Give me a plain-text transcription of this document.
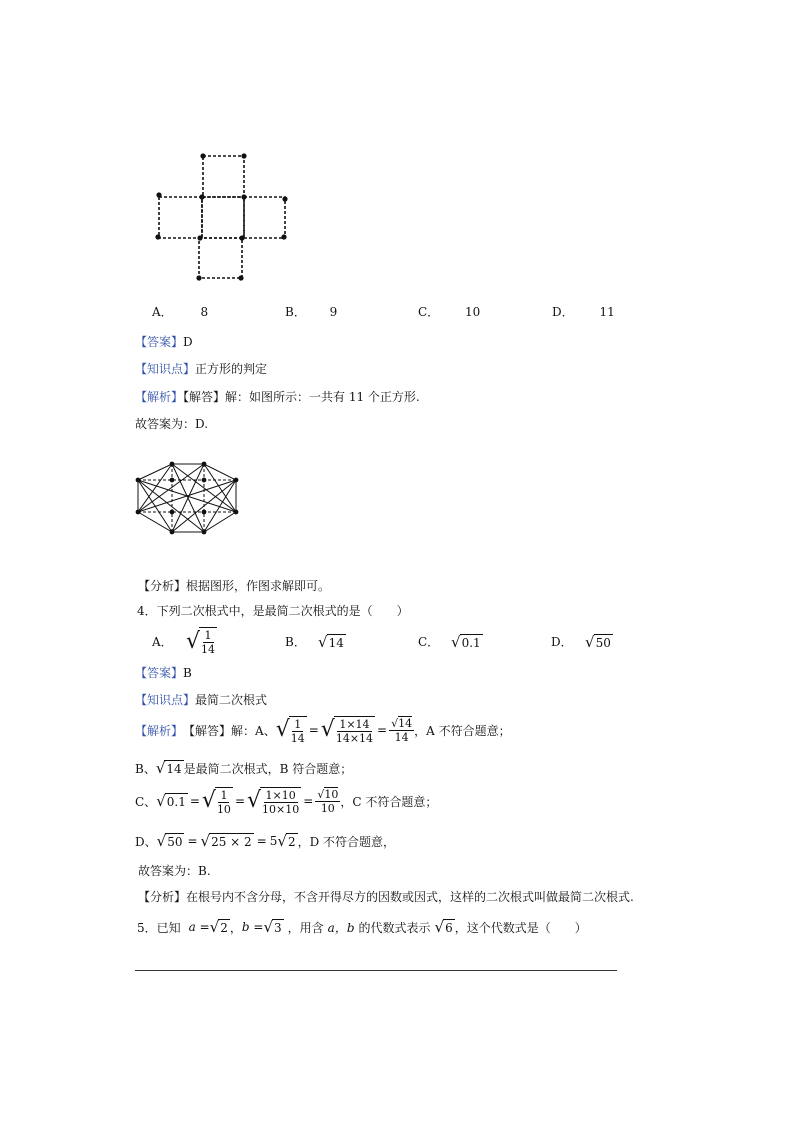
A． 8	B． 9	C． 10	D． 11
【答案】D
【知识点】正方形的判定
【解析】【解答】解：如图所示：一共有 11 个正方形.
故答案为：D.
【分析】根据图形，作图求解即可。
4．下列二次根式中，是最简二次根式的是（　　）
A． √ $\frac{1}{14}$	B． √ 14	C． √ 0.1	D． √ 50
【答案】B
【知识点】最简二次根式
【解析】 【解答】 解：A、 √ $\frac{1}{14}$ = √ $\frac{1\times 14}{14\times 14} = \frac{√14}{14}$ ，A 不符合题意；
B、 √ 14 是最简二次根式，B 符合题意；
C、 √ 0.1 = √ $\frac{1}{10}$ = √ $\frac{1\times 10}{10\times 10} = \frac{√10}{10}$ ，C 不符合题意；
D、 √ 50 = √ 25 × 2 = 5 √ 2 ，D 不符合题意，
故答案为：B.
【分析】在根号内不含分母，不含开得尽方的因数或因式，这样的二次根式叫做最简二次根式.
5．已知 a = √ 2 ， b = √ 3 ，用含 a，b 的代数式表示 √ 6 ，这个代数式是（　　）
